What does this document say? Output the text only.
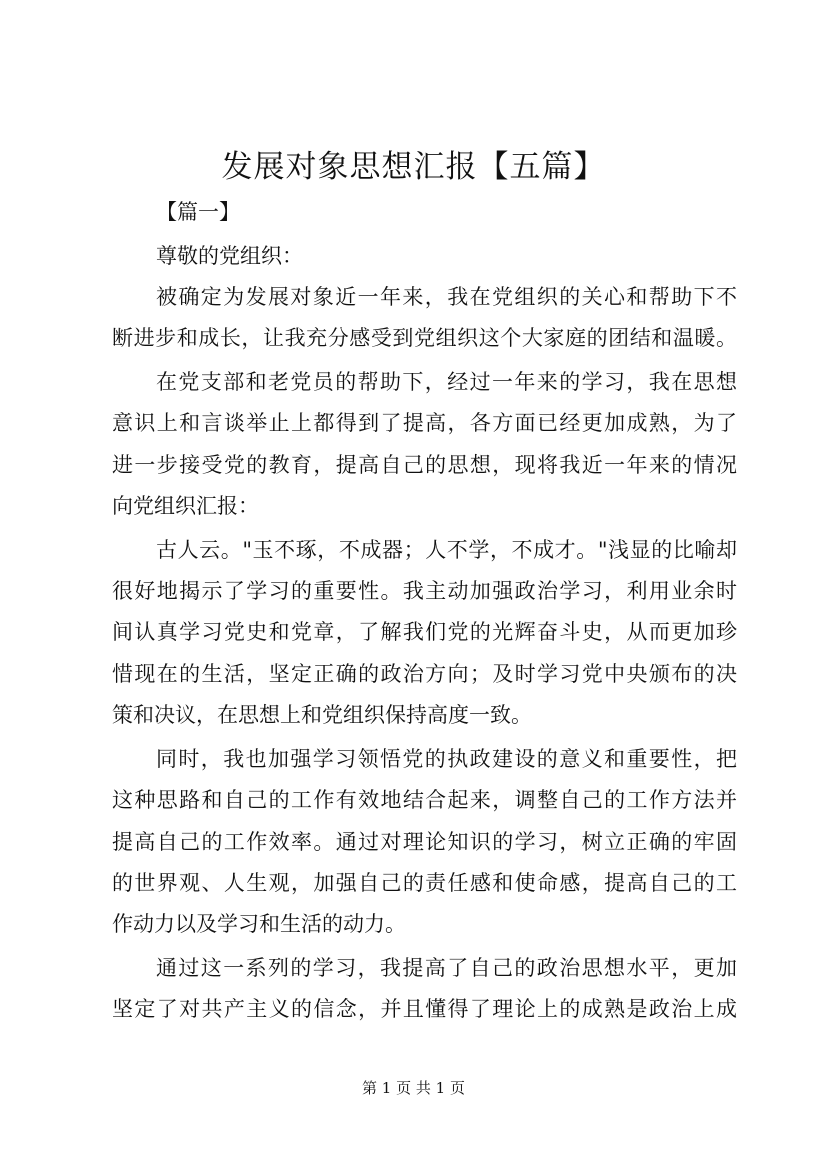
发展对象思想汇报【五篇】

【篇一】

尊敬的党组织：

被确定为发展对象近一年来，我在党组织的关心和帮助下不

断进步和成长，让我充分感受到党组织这个大家庭的团结和温暖。

在党支部和老党员的帮助下，经过一年来的学习，我在思想

意识上和言谈举止上都得到了提高，各方面已经更加成熟，为了

进一步接受党的教育，提高自己的思想，现将我近一年来的情况

向党组织汇报：

古人云。"玉不琢，不成器；人不学，不成才。"浅显的比喻却

很好地揭示了学习的重要性。我主动加强政治学习，利用业余时

间认真学习党史和党章，了解我们党的光辉奋斗史，从而更加珍

惜现在的生活，坚定正确的政治方向；及时学习党中央颁布的决

策和决议，在思想上和党组织保持高度一致。

同时，我也加强学习领悟党的执政建设的意义和重要性，把

这种思路和自己的工作有效地结合起来，调整自己的工作方法并

提高自己的工作效率。通过对理论知识的学习，树立正确的牢固

的世界观、人生观，加强自己的责任感和使命感，提高自己的工

作动力以及学习和生活的动力。

通过这一系列的学习，我提高了自己的政治思想水平，更加

坚定了对共产主义的信念，并且懂得了理论上的成熟是政治上成

第 1 页 共 1 页
